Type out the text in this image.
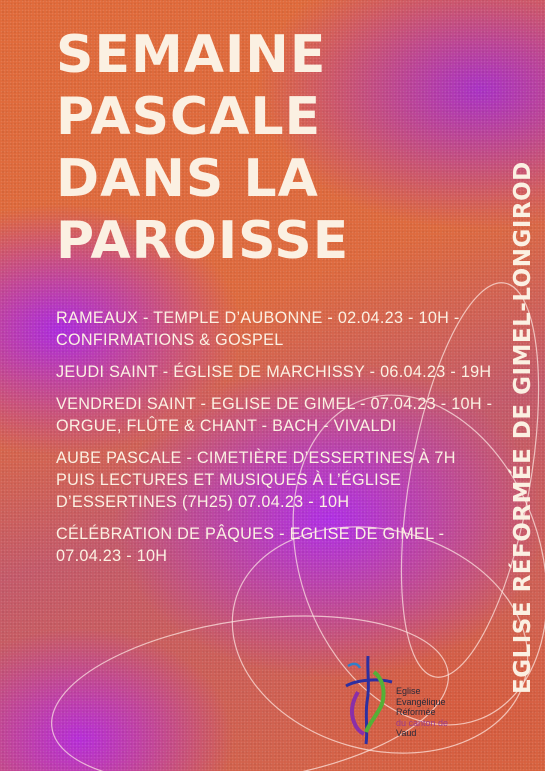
SEMAINE
PASCALE
DANS LA
PAROISSE

RAMEAUX - TEMPLE D’AUBONNE - 02.04.23 - 10H - CONFIRMATIONS & GOSPEL

JEUDI SAINT - ÉGLISE DE MARCHISSY - 06.04.23 - 19H

VENDREDI SAINT - EGLISE DE GIMEL - 07.04.23 - 10H - ORGUE, FLÛTE & CHANT - BACH - VIVALDI

AUBE PASCALE - CIMETIÈRE D’ESSERTINES À 7H PUIS LECTURES ET MUSIQUES À L’ÉGLISE D’ESSERTINES (7H25) 07.04.23 - 10H

CÉLÉBRATION DE PÂQUES - EGLISE DE GIMEL - 07.04.23 - 10H	EGLISE RÉFORMÉE DE GIMEL-LONGIROD
Eglise
Evangélique
Réformée
du canton de
Vaud
